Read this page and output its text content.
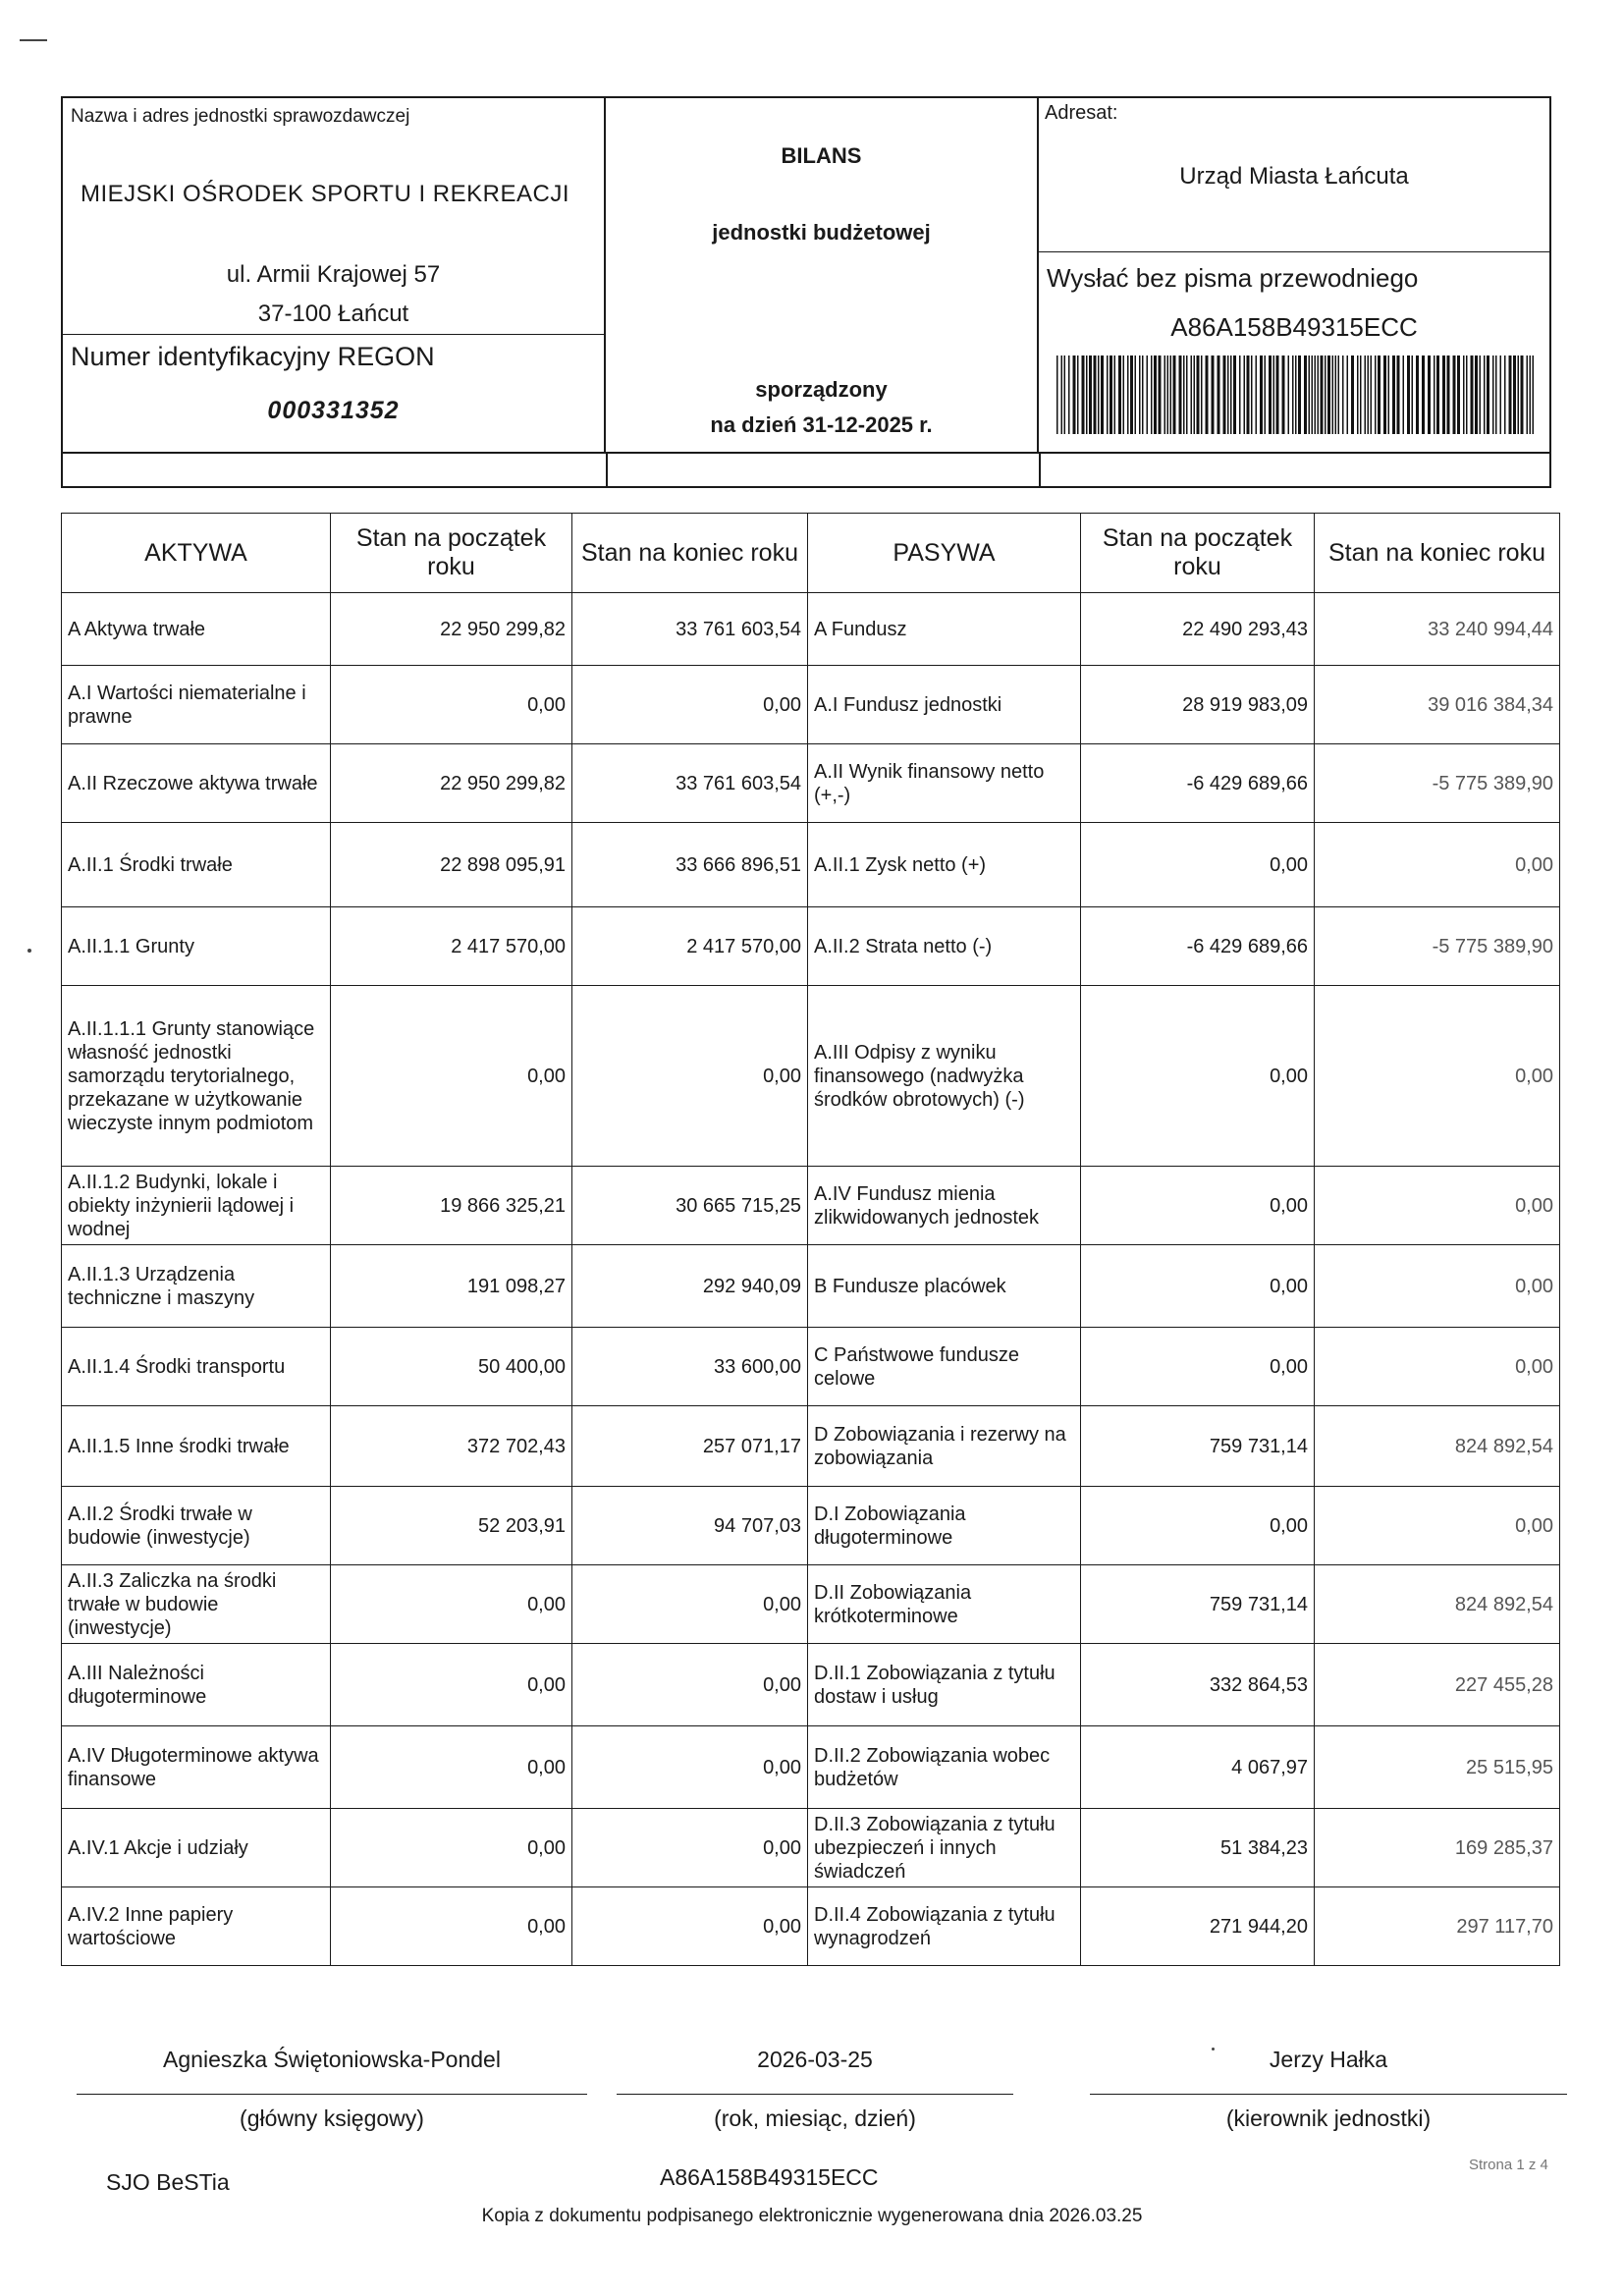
Nazwa i adres jednostki sprawozdawczej
MIEJSKI OŚRODEK SPORTU I REKREACJI
ul. Armii Krajowej 57
37-100 Łańcut
Numer identyfikacyjny REGON
000331352
BILANS
jednostki budżetowej
sporządzony
na dzień 31-12-2025 r.
Adresat:
Urząd Miasta Łańcuta
Wysłać bez pisma przewodniego
A86A158B49315ECC
AKTYWA	Stan na początek roku	Stan na koniec roku	PASYWA	Stan na początek roku	Stan na koniec roku
A Aktywa trwałe	22 950 299,82	33 761 603,54	A Fundusz	22 490 293,43	33 240 994,44
A.I Wartości niematerialne i prawne	0,00	0,00	A.I Fundusz jednostki	28 919 983,09	39 016 384,34
A.II Rzeczowe aktywa trwałe	22 950 299,82	33 761 603,54	A.II Wynik finansowy netto (+,-)	-6 429 689,66	-5 775 389,90
A.II.1 Środki trwałe	22 898 095,91	33 666 896,51	A.II.1 Zysk netto (+)	0,00	0,00
A.II.1.1 Grunty	2 417 570,00	2 417 570,00	A.II.2 Strata netto (-)	-6 429 689,66	-5 775 389,90
A.II.1.1.1 Grunty stanowiące własność jednostki samorządu terytorialnego, przekazane w użytkowanie wieczyste innym podmiotom	0,00	0,00	A.III Odpisy z wyniku finansowego (nadwyżka środków obrotowych) (-)	0,00	0,00
A.II.1.2 Budynki, lokale i obiekty inżynierii lądowej i wodnej	19 866 325,21	30 665 715,25	A.IV Fundusz mienia zlikwidowanych jednostek	0,00	0,00
A.II.1.3 Urządzenia techniczne i maszyny	191 098,27	292 940,09	B Fundusze placówek	0,00	0,00
A.II.1.4 Środki transportu	50 400,00	33 600,00	C Państwowe fundusze celowe	0,00	0,00
A.II.1.5 Inne środki trwałe	372 702,43	257 071,17	D Zobowiązania i rezerwy na zobowiązania	759 731,14	824 892,54
A.II.2 Środki trwałe w budowie (inwestycje)	52 203,91	94 707,03	D.I Zobowiązania długoterminowe	0,00	0,00
A.II.3 Zaliczka na środki trwałe w budowie (inwestycje)	0,00	0,00	D.II Zobowiązania krótkoterminowe	759 731,14	824 892,54
A.III Należności długoterminowe	0,00	0,00	D.II.1 Zobowiązania z tytułu dostaw i usług	332 864,53	227 455,28
A.IV Długoterminowe aktywa finansowe	0,00	0,00	D.II.2 Zobowiązania wobec budżetów	4 067,97	25 515,95
A.IV.1 Akcje i udziały	0,00	0,00	D.II.3 Zobowiązania z tytułu ubezpieczeń i innych świadczeń	51 384,23	169 285,37
A.IV.2 Inne papiery wartościowe	0,00	0,00	D.II.4 Zobowiązania z tytułu wynagrodzeń	271 944,20	297 117,70
Agnieszka Świętoniowska-Pondel
(główny księgowy)
2026-03-25
(rok, miesiąc, dzień)
Jerzy Hałka
(kierownik jednostki)
SJO BeSTia	A86A158B49315ECC	Strona 1 z 4
Kopia z dokumentu podpisanego elektronicznie wygenerowana dnia 2026.03.25
